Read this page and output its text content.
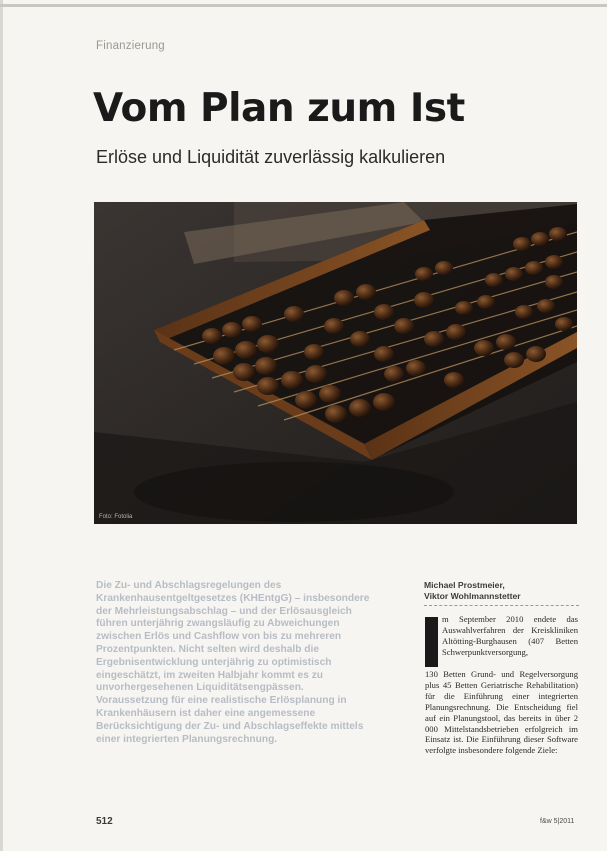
Finanzierung
Vom Plan zum Ist
Erlöse und Liquidität zuverlässig kalkulieren
Foto: Fotolia
Die Zu- und Abschlagsregelungen des Krankenhausentgeltgesetzes (KHEntgG) – insbesondere der Mehrleistungsabschlag – und der Erlösausgleich führen unterjährig zwangsläufig zu Abweichungen zwischen Erlös und Cashflow von bis zu mehreren Prozentpunkten. Nicht selten wird deshalb die Ergebnisentwicklung unterjährig zu optimistisch eingeschätzt, im zweiten Halbjahr kommt es zu unvorhergesehenen Liquiditätsengpässen. Voraussetzung für eine realistische Erlösplanung in Krankenhäusern ist daher eine angemessene Berücksichtigung der Zu- und Abschlagseffekte mittels einer integrierten Planungsrechnung.
Michael Prostmeier,
Viktor Wohlmannstetter
m September 2010 endete das Auswahlverfahren der Kreiskliniken Altötting-Burghausen (407 Betten Schwerpunktversorgung,
130 Betten Grund- und Regelversorgung plus 45 Betten Geriatrische Rehabilitation) für die Einführung einer integrierten Planungsrechnung. Die Entscheidung fiel auf ein Planungstool, das bereits in über 2 000 Mittelstandsbetrieben erfolgreich im Einsatz ist. Die Einführung dieser Software verfolgte insbesondere folgende Ziele:
512	f&w 5|2011
